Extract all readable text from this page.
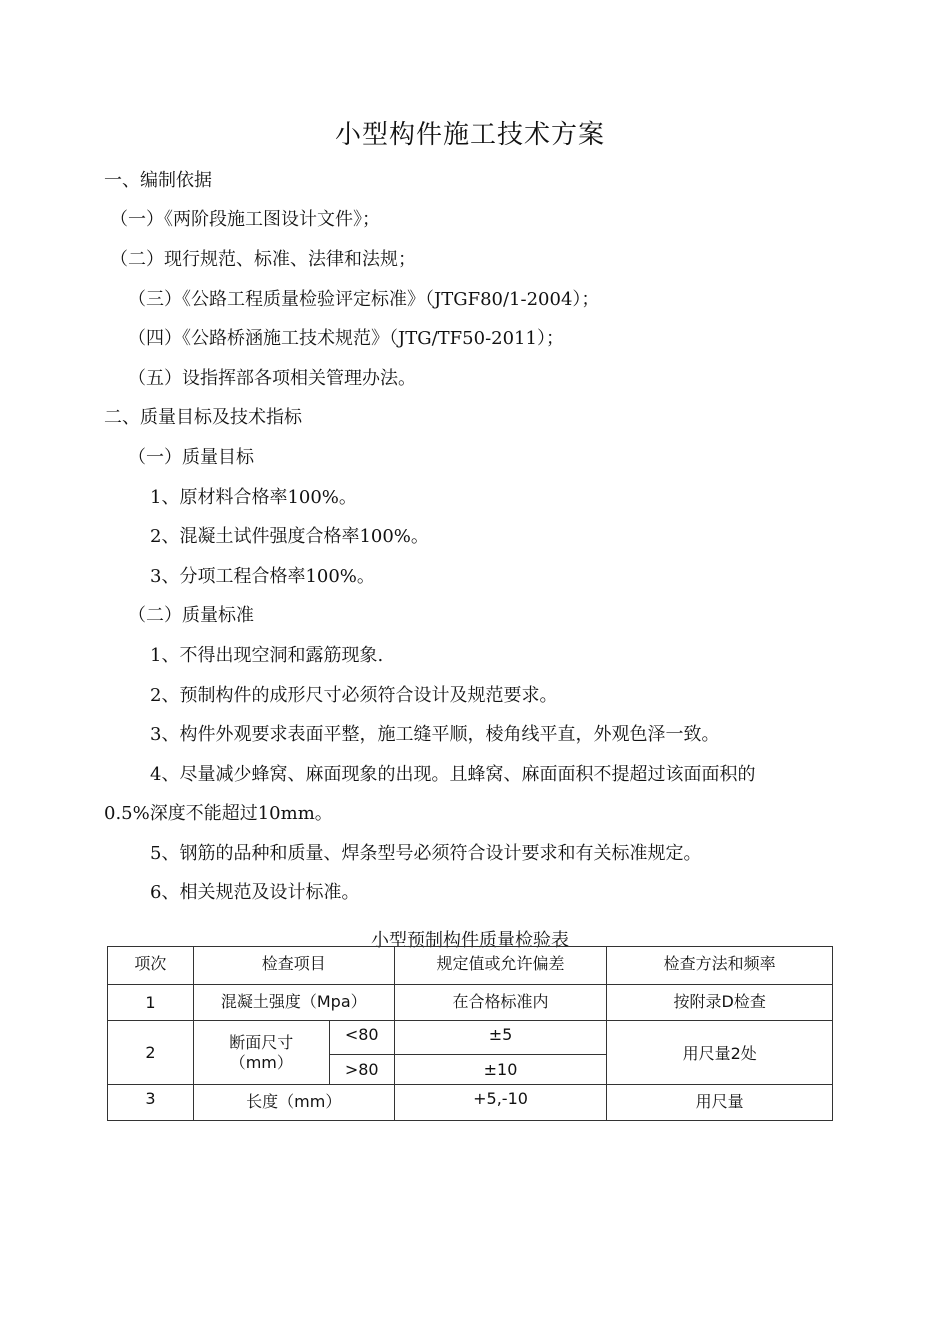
小型构件施工技术方案
一、编制依据
（一）《两阶段施工图设计文件》；
（二）现行规范、标准、法律和法规；
（三）《公路工程质量检验评定标准》（JTGF80/1-2004）；
（四）《公路桥涵施工技术规范》（JTG/TF50-2011）；
（五）设指挥部各项相关管理办法。
二、质量目标及技术指标
（一）质量目标
1、原材料合格率100%。
2、混凝土试件强度合格率100%。
3、分项工程合格率100%。
（二）质量标准
1、不得出现空洞和露筋现象.
2、预制构件的成形尺寸必须符合设计及规范要求。
3、构件外观要求表面平整，施工缝平顺，棱角线平直，外观色泽一致。
4、尽量减少蜂窝、麻面现象的出现。且蜂窝、麻面面积不提超过该面面积的
0.5%深度不能超过10mm。
5、钢筋的品种和质量、焊条型号必须符合设计要求和有关标准规定。
6、相关规范及设计标准。
小型预制构件质量检验表
项次	检查项目		规定值或允许偏差	检查方法和频率
1	混凝土强度（Mpa）		在合格标准内	按附录D检查
2	断面尺寸（mm）	<80	±5	用尺量2处
		>80	±10	
3	长度（mm）		+5,-10	用尺量
